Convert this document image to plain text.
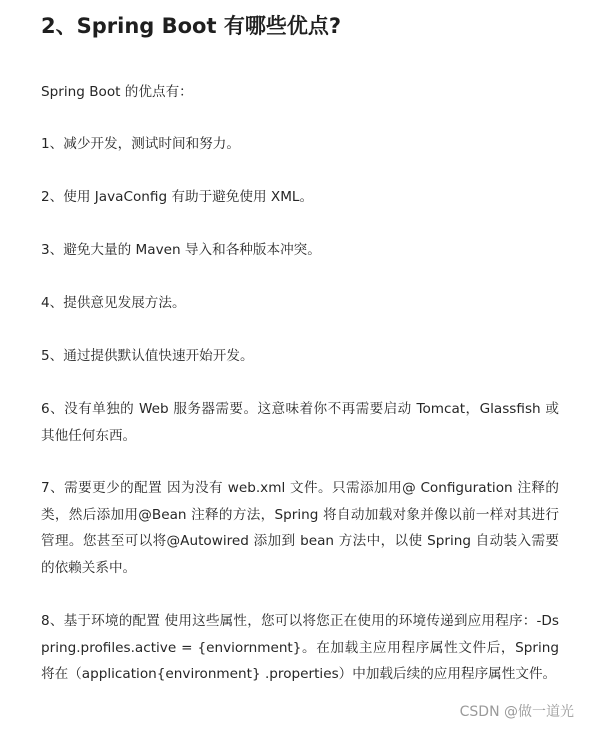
2、Spring Boot 有哪些优点?

Spring Boot 的优点有：

1、减少开发，测试时间和努力。

2、使用 JavaConfig 有助于避免使用 XML。

3、避免大量的 Maven 导入和各种版本冲突。

4、提供意见发展方法。

5、通过提供默认值快速开始开发。

6、没有单独的 Web 服务器需要。这意味着你不再需要启动 Tomcat，Glassfish 或其他任何东西。

7、需要更少的配置 因为没有 web.xml 文件。只需添加用@ Configuration 注释的类，然后添加用@Bean 注释的方法，Spring 将自动加载对象并像以前一样对其进行管理。您甚至可以将@Autowired 添加到 bean 方法中，以使 Spring 自动装入需要的依赖关系中。

8、基于环境的配置 使用这些属性，您可以将您正在使用的环境传递到应用程序：-Dspring.profiles.active = {enviornment}。在加载主应用程序属性文件后，Spring 将在（application{environment} .properties）中加载后续的应用程序属性文件。

CSDN @做一道光
